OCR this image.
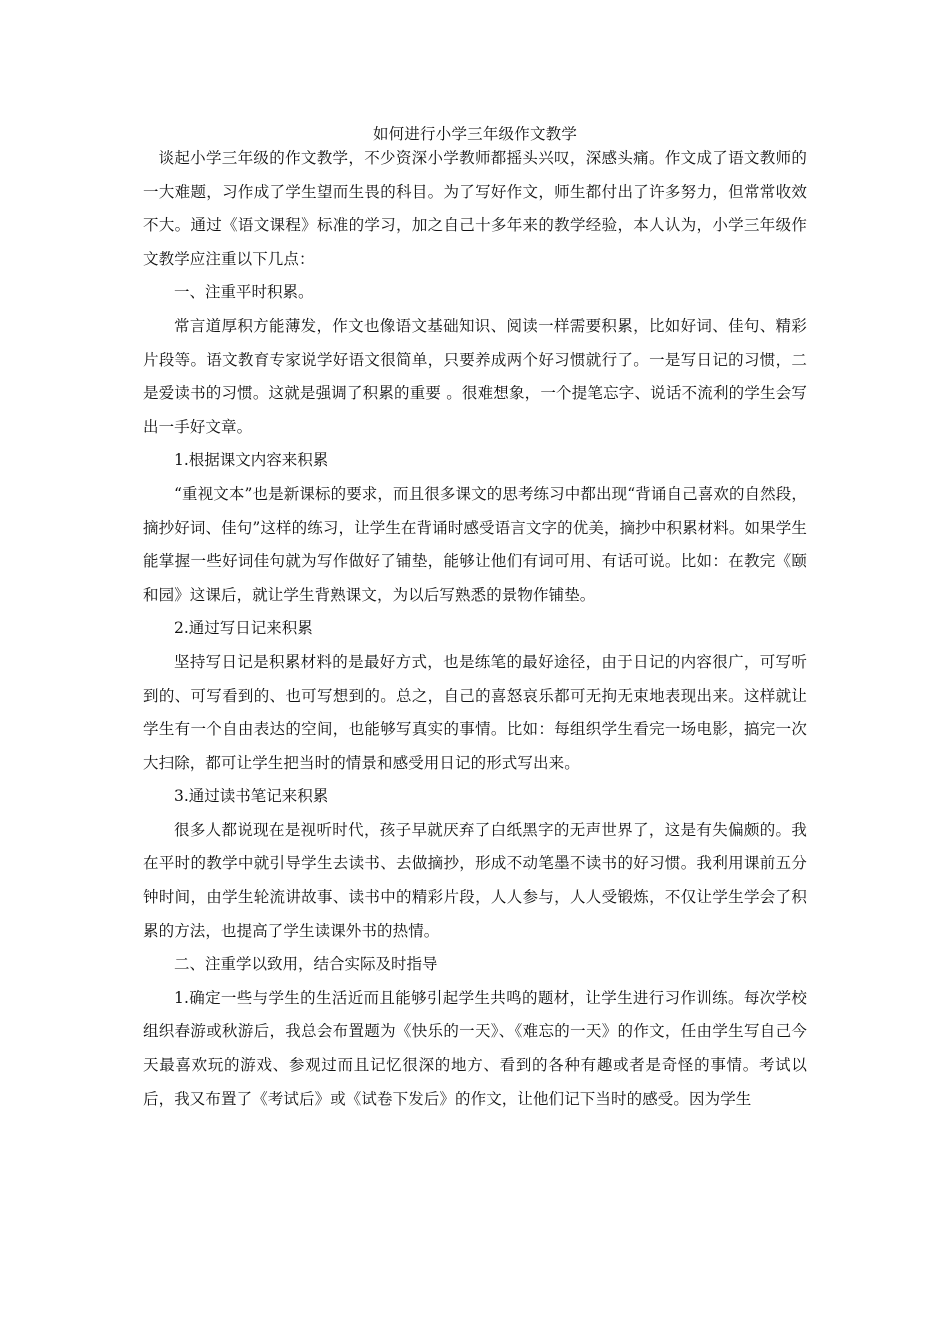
如何进行小学三年级作文教学

谈起小学三年级的作文教学，不少资深小学教师都摇头兴叹，深感头痛。作文成了语文教师的一大难题，习作成了学生望而生畏的科目。为了写好作文，师生都付出了许多努力，但常常收效不大。通过《语文课程》标准的学习，加之自己十多年来的教学经验，本人认为，小学三年级作文教学应注重以下几点：

一、注重平时积累。

常言道厚积方能薄发，作文也像语文基础知识、阅读一样需要积累，比如好词、佳句、精彩片段等。语文教育专家说学好语文很简单，只要养成两个好习惯就行了。一是写日记的习惯，二是爱读书的习惯。这就是强调了积累的重要 。很难想象，一个提笔忘字、说话不流利的学生会写出一手好文章。

1.根据课文内容来积累

“重视文本”也是新课标的要求，而且很多课文的思考练习中都出现“背诵自己喜欢的自然段，摘抄好词、佳句”这样的练习，让学生在背诵时感受语言文字的优美，摘抄中积累材料。如果学生能掌握一些好词佳句就为写作做好了铺垫，能够让他们有词可用、有话可说。比如：在教完《颐和园》这课后，就让学生背熟课文，为以后写熟悉的景物作铺垫。

2.通过写日记来积累

坚持写日记是积累材料的是最好方式，也是练笔的最好途径，由于日记的内容很广，可写听到的、可写看到的、也可写想到的。总之，自己的喜怒哀乐都可无拘无束地表现出来。这样就让学生有一个自由表达的空间，也能够写真实的事情。比如：每组织学生看完一场电影，搞完一次大扫除，都可让学生把当时的情景和感受用日记的形式写出来。

3.通过读书笔记来积累

很多人都说现在是视听时代，孩子早就厌弃了白纸黑字的无声世界了，这是有失偏颇的。我在平时的教学中就引导学生去读书、去做摘抄，形成不动笔墨不读书的好习惯。我利用课前五分钟时间，由学生轮流讲故事、读书中的精彩片段，人人参与，人人受锻炼，不仅让学生学会了积累的方法，也提高了学生读课外书的热情。

二、注重学以致用，结合实际及时指导

1.确定一些与学生的生活近而且能够引起学生共鸣的题材，让学生进行习作训练。每次学校组织春游或秋游后，我总会布置题为《快乐的一天》、《难忘的一天》的作文，任由学生写自己今天最喜欢玩的游戏、参观过而且记忆很深的地方、看到的各种有趣或者是奇怪的事情。考试以后，我又布置了《考试后》或《试卷下发后》的作文，让他们记下当时的感受。因为学生
